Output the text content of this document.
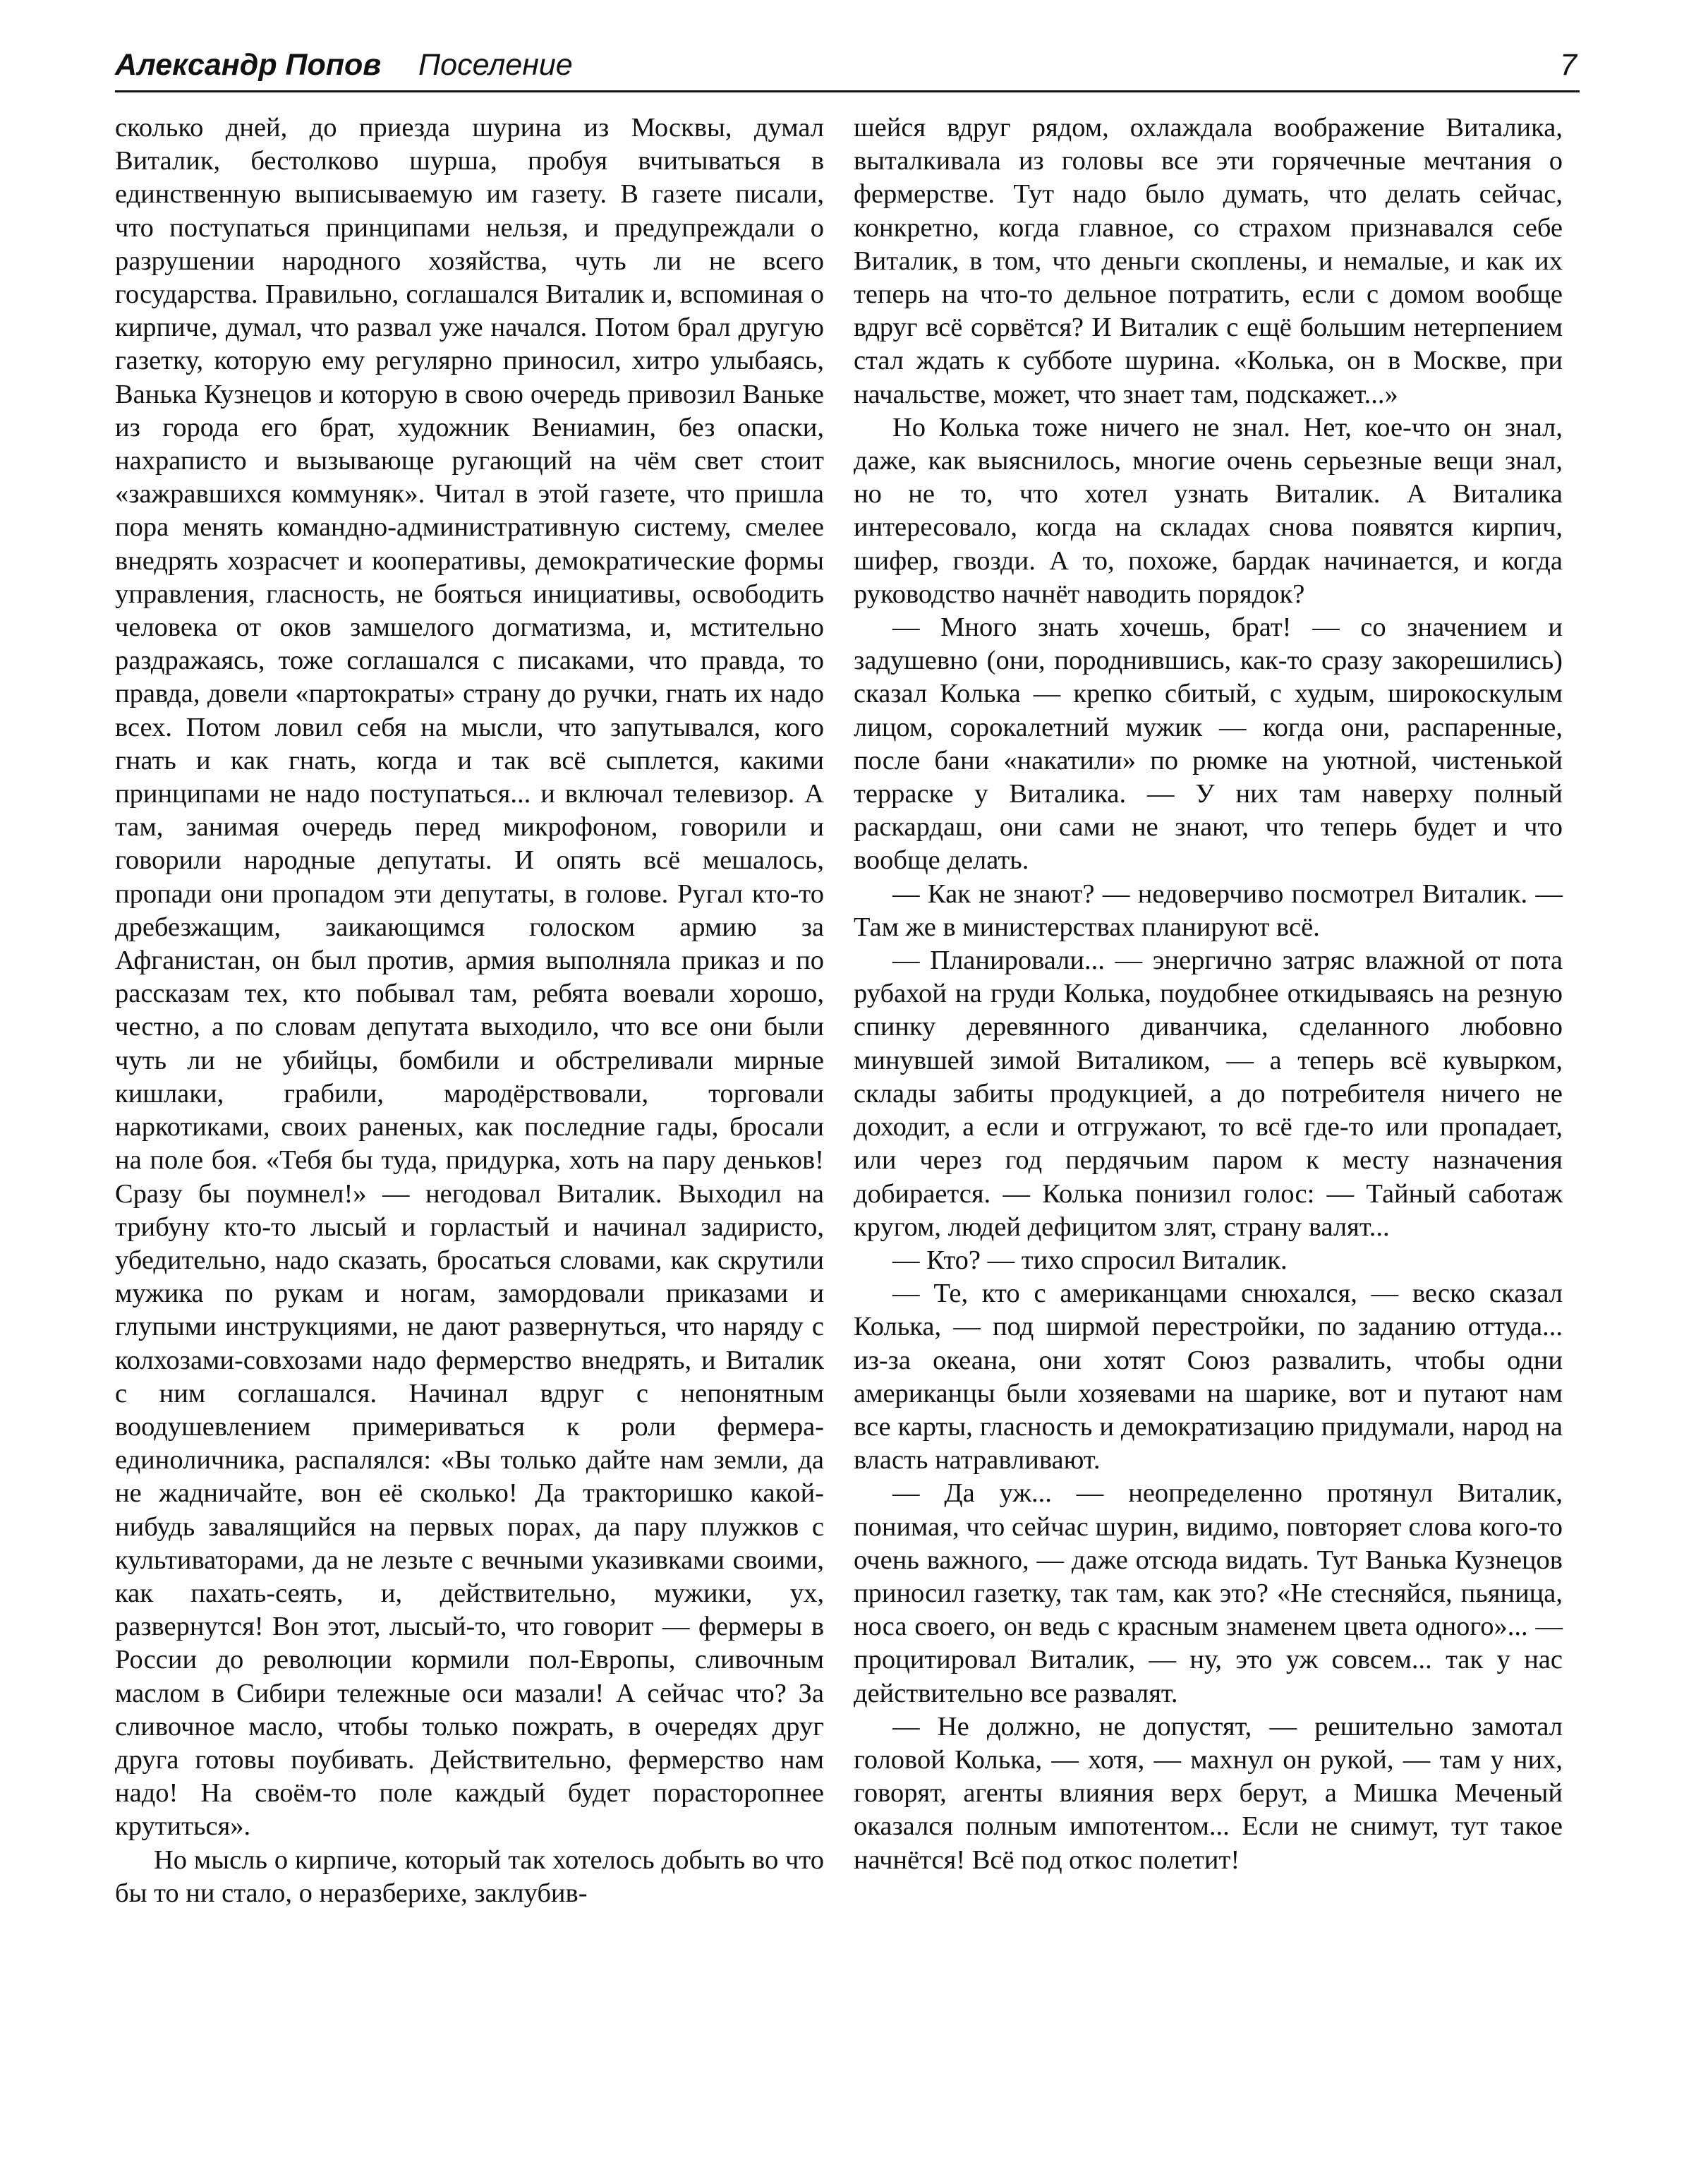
Александр Попов Поселение	7

сколько дней, до приезда шурина из Москвы, думал Виталик, бестолково шурша, пробуя вчитываться в единственную выписываемую им газету. В газете писали, что поступаться принципами нельзя, и предупреждали о разрушении народного хозяйства, чуть ли не всего государства. Правильно, соглашался Виталик и, вспоминая о кирпиче, думал, что развал уже начался. Потом брал другую газетку, которую ему регулярно приносил, хитро улыбаясь, Ванька Кузнецов и которую в свою очередь привозил Ваньке из города его брат, художник Вениамин, без опаски, нахраписто и вызывающе ругающий на чём свет стоит «зажравшихся коммуняк». Читал в этой газете, что пришла пора менять командно-административную систему, смелее внедрять хозрасчет и кооперативы, демократические формы управления, гласность, не бояться инициативы, освободить человека от оков замшелого догматизма, и, мстительно раздражаясь, тоже соглашался с писаками, что правда, то правда, довели «партократы» страну до ручки, гнать их надо всех. Потом ловил себя на мысли, что запутывался, кого гнать и как гнать, когда и так всё сыплется, какими принципами не надо поступаться... и включал телевизор. А там, занимая очередь перед микрофоном, говорили и говорили народные депутаты. И опять всё мешалось, пропади они пропадом эти депутаты, в голове. Ругал кто-то дребезжащим, заикающимся голоском армию за Афганистан, он был против, армия выполняла приказ и по рассказам тех, кто побывал там, ребята воевали хорошо, честно, а по словам депутата выходило, что все они были чуть ли не убийцы, бомбили и обстреливали мирные кишлаки, грабили, мародёрствовали, торговали наркотиками, своих раненых, как последние гады, бросали на поле боя. «Тебя бы туда, придурка, хоть на пару деньков! Сразу бы поумнел!» — негодовал Виталик. Выходил на трибуну кто-то лысый и горластый и начинал задиристо, убедительно, надо сказать, бросаться словами, как скрутили мужика по рукам и ногам, замордовали приказами и глупыми инструкциями, не дают развернуться, что наряду с колхозами-совхозами надо фермерство внедрять, и Виталик с ним соглашался. Начинал вдруг с непонятным воодушевлением примериваться к роли фермера-единоличника, распалялся: «Вы только дайте нам земли, да не жадничайте, вон её сколько! Да тракторишко какой-нибудь завалящийся на первых порах, да пару плужков с культиваторами, да не лезьте с вечными указивками своими, как пахать-сеять, и, действительно, мужики, ух, развернутся! Вон этот, лысый-то, что говорит — фермеры в России до революции кормили пол-Европы, сливочным маслом в Сибири тележные оси мазали! А сейчас что? За сливочное масло, чтобы только пожрать, в очередях друг друга готовы поубивать. Действительно, фермерство нам надо! На своём-то поле каждый будет порасторопнее крутиться».

Но мысль о кирпиче, который так хотелось добыть во что бы то ни стало, о неразберихе, заклубив-

шейся вдруг рядом, охлаждала воображение Виталика, выталкивала из головы все эти горячечные мечтания о фермерстве. Тут надо было думать, что делать сейчас, конкретно, когда главное, со страхом признавался себе Виталик, в том, что деньги скоплены, и немалые, и как их теперь на что-то дельное потратить, если с домом вообще вдруг всё сорвётся? И Виталик с ещё большим нетерпением стал ждать к субботе шурина. «Колька, он в Москве, при начальстве, может, что знает там, подскажет...»

Но Колька тоже ничего не знал. Нет, кое-что он знал, даже, как выяснилось, многие очень серьезные вещи знал, но не то, что хотел узнать Виталик. А Виталика интересовало, когда на складах снова появятся кирпич, шифер, гвозди. А то, похоже, бардак начинается, и когда руководство начнёт наводить порядок?

— Много знать хочешь, брат! — со значением и задушевно (они, породнившись, как-то сразу закорешились) сказал Колька — крепко сбитый, с худым, широкоскулым лицом, сорокалетний мужик — когда они, распаренные, после бани «накатили» по рюмке на уютной, чистенькой терраске у Виталика. — У них там наверху полный раскардаш, они сами не знают, что теперь будет и что вообще делать.

— Как не знают? — недоверчиво посмотрел Виталик. — Там же в министерствах планируют всё.

— Планировали... — энергично затряс влажной от пота рубахой на груди Колька, поудобнее откидываясь на резную спинку деревянного диванчика, сделанного любовно минувшей зимой Виталиком, — а теперь всё кувырком, склады забиты продукцией, а до потребителя ничего не доходит, а если и отгружают, то всё где-то или пропадает, или через год пердячьим паром к месту назначения добирается. — Колька понизил голос: — Тайный саботаж кругом, людей дефицитом злят, страну валят...

— Кто? — тихо спросил Виталик.

— Те, кто с американцами снюхался, — веско сказал Колька, — под ширмой перестройки, по заданию оттуда... из-за океана, они хотят Союз развалить, чтобы одни американцы были хозяевами на шарике, вот и путают нам все карты, гласность и демократизацию придумали, народ на власть натравливают.

— Да уж... — неопределенно протянул Виталик, понимая, что сейчас шурин, видимо, повторяет слова кого-то очень важного, — даже отсюда видать. Тут Ванька Кузнецов приносил газетку, так там, как это? «Не стесняйся, пьяница, носа своего, он ведь с красным знаменем цвета одного»... — процитировал Виталик, — ну, это уж совсем... так у нас действительно все развалят.

— Не должно, не допустят, — решительно замотал головой Колька, — хотя, — махнул он рукой, — там у них, говорят, агенты влияния верх берут, а Мишка Меченый оказался полным импотентом... Если не снимут, тут такое начнётся! Всё под откос полетит!
